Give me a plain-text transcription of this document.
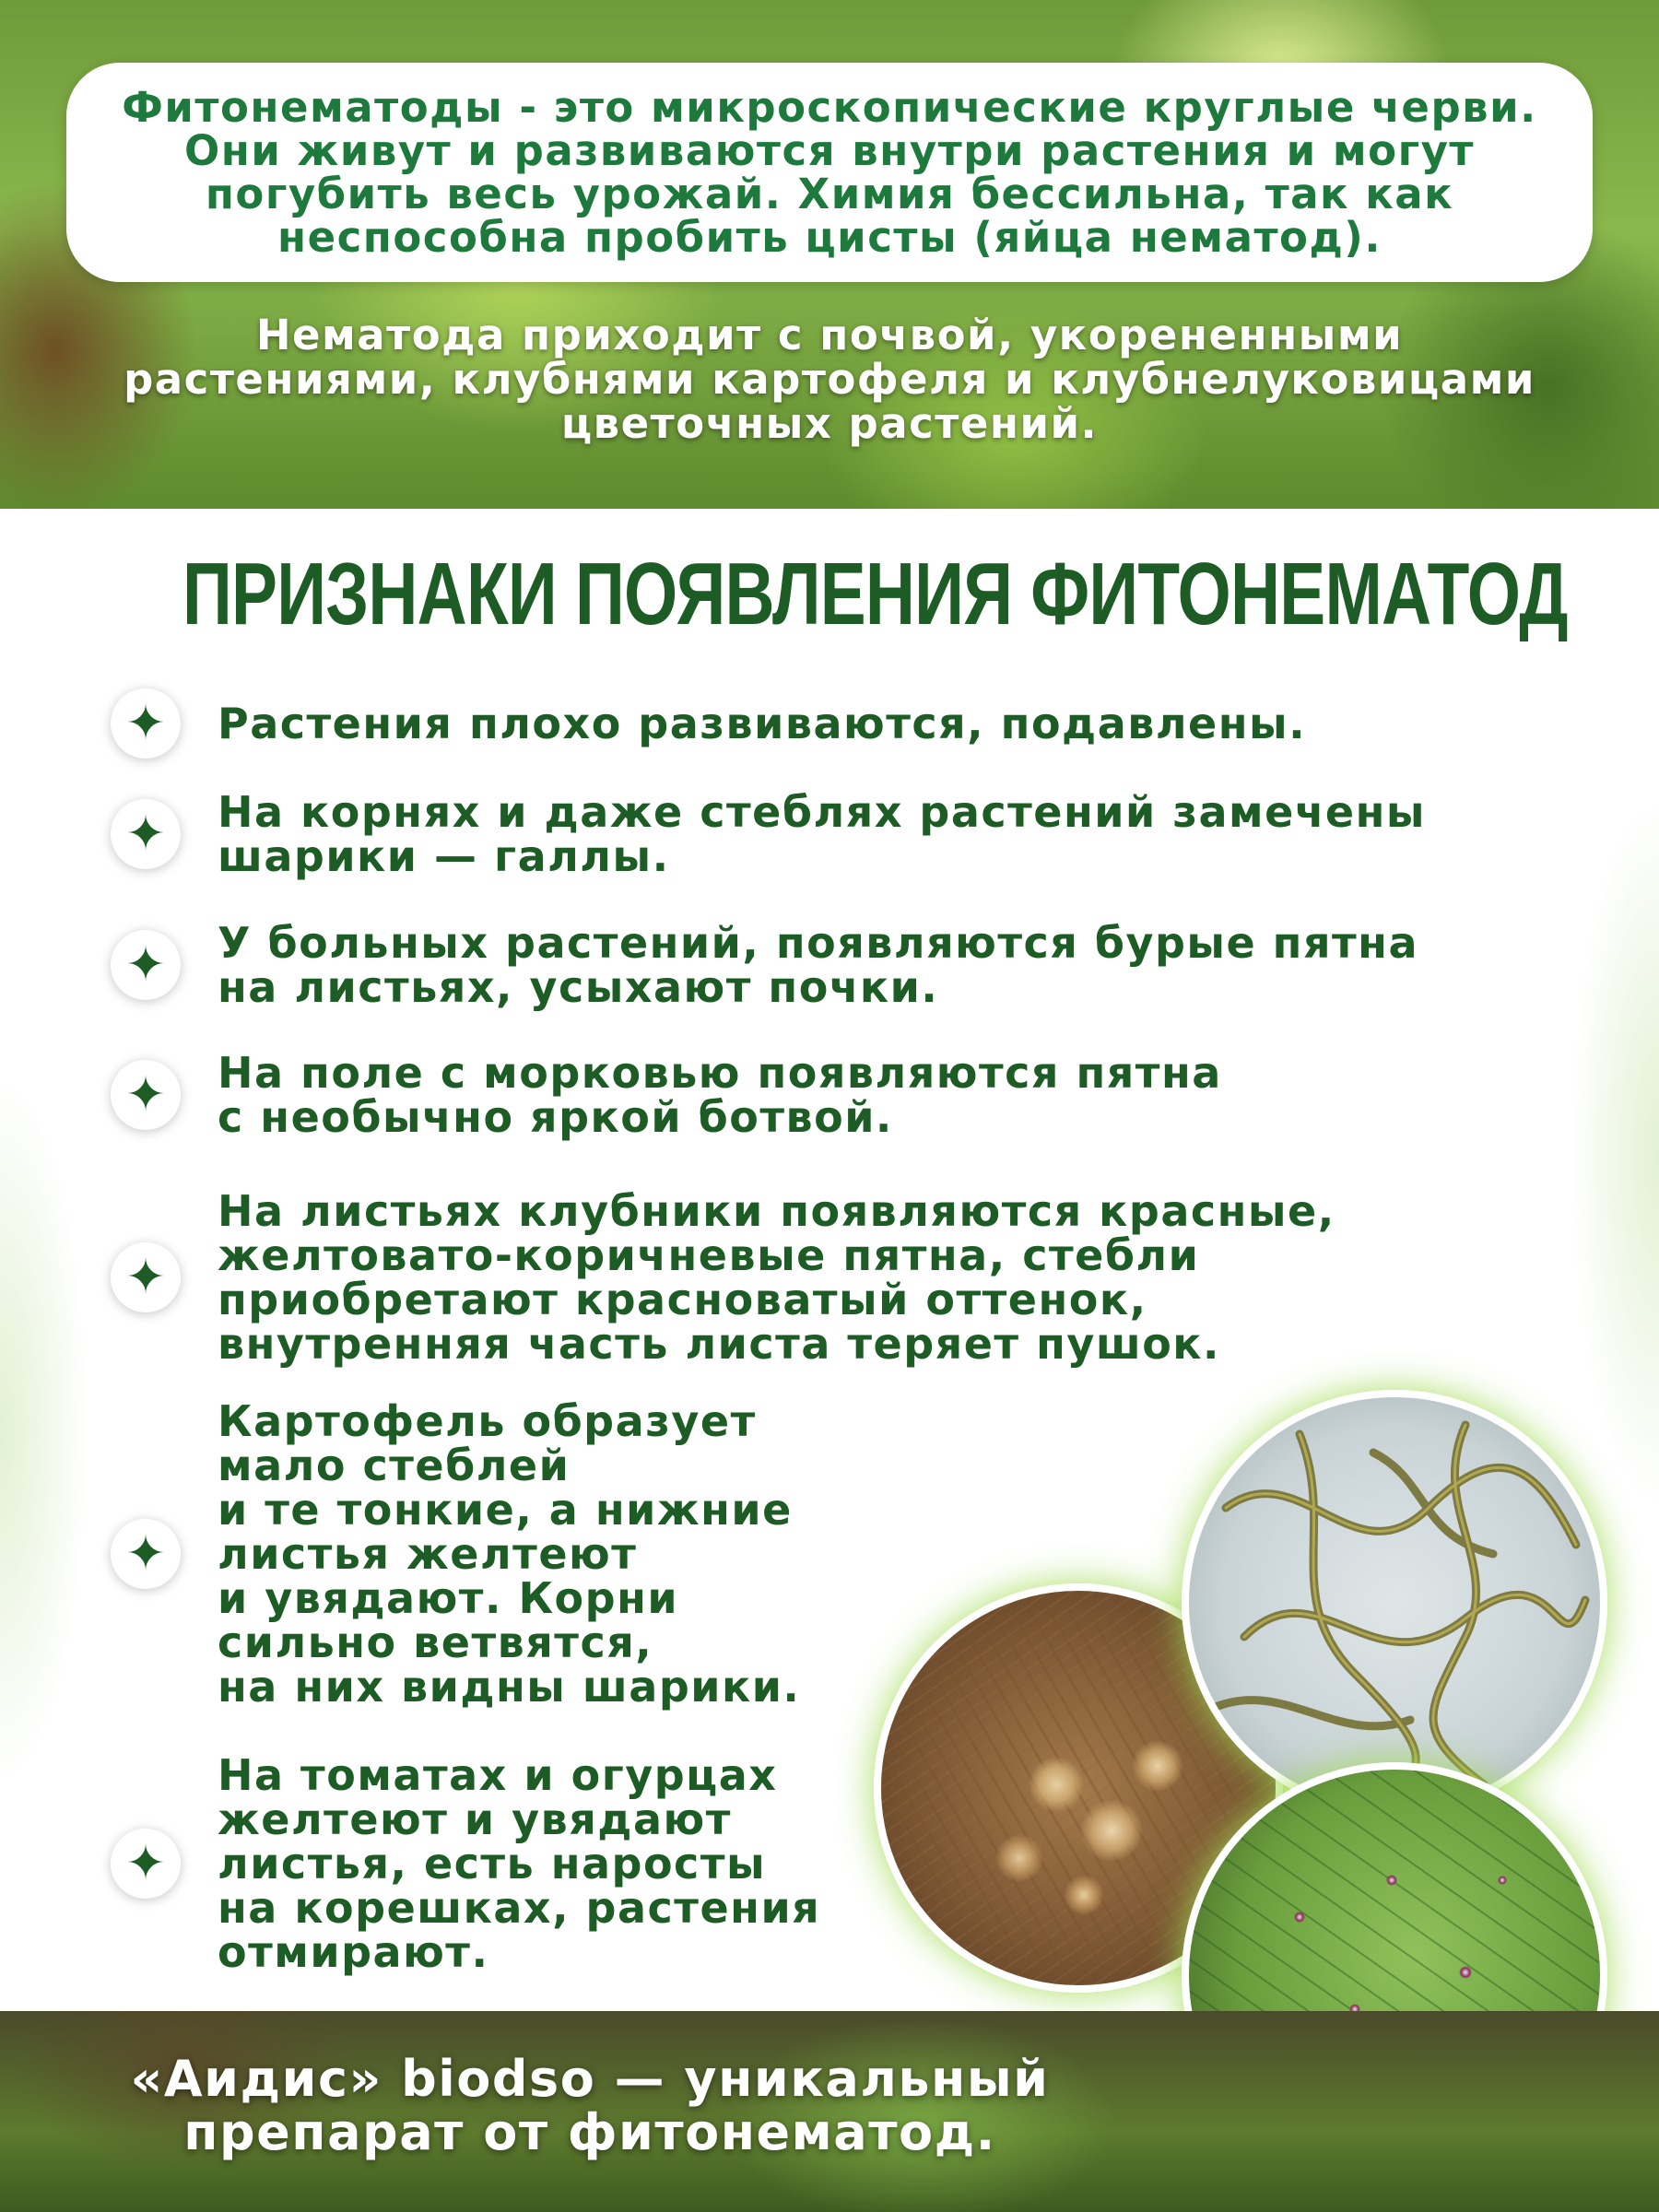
Фитонематоды - это микроскопические круглые черви. Они живут и развиваются внутри растения и могут погубить весь урожай. Химия бессильна, так как неспособна пробить цисты (яйца нематод).
Нематода приходит с почвой, укорененными растениями, клубнями картофеля и клубнелуковицами цветочных растений.
ПРИЗНАКИ ПОЯВЛЕНИЯ ФИТОНЕМАТОД
✦	Растения плохо развиваются, подавлены.
✦	На корнях и даже стеблях растений замечены
шарики — галлы.
✦	У больных растений, появляются бурые пятна
на листьях, усыхают почки.
✦	На поле с морковью появляются пятна
с необычно яркой ботвой.
✦
На листьях клубники появляются красные,
желтовато-коричневые пятна, стебли
приобретают красноватый оттенок,
внутренняя часть листа теряет пушок.
✦
Картофель образует
мало стеблей
и те тонкие, а нижние
листья желтеют
и увядают. Корни
сильно ветвятся,
на них видны шарики.
✦
На томатах и огурцах
желтеют и увядают
листья, есть наросты
на корешках, растения
отмирают.
«Аидис» biodso — уникальный препарат от фитонематод.
